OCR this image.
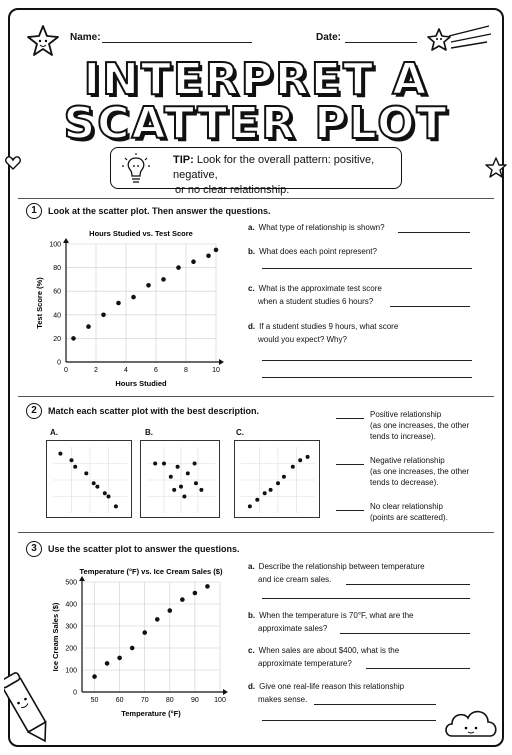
Name:	Date:
INTERPRET A
SCATTER PLOT
TIP: Look for the overall pattern: positive, negative,
or no clear relationship.
1	Look at the scatter plot. Then answer the questions.
Hours Studied vs. Test Score
0	2	4	6	8	10
0
20
40
60
80
100
Hours Studied
Test Score (%)
a. What type of relationship is shown?
b. What does each point represent?
c. What is the approximate test score
when a student studies 6 hours?
d. If a student studies 9 hours, what score
would you expect? Why?
2	Match each scatter plot with the best description.
A.	B.	C.
Positive relationship
(as one increases, the other
tends to increase).
Negative relationship
(as one increases, the other
tends to decrease).
No clear relationship
(points are scattered).
3	Use the scatter plot to answer the questions.
Temperature (°F) vs. Ice Cream Sales ($)
50 60 70 80 90 100
0
100
200
300
400
500
Temperature (°F)
Ice Cream Sales ($)
a. Describe the relationship between temperature
and ice cream sales.
b. When the temperature is 70°F, what are the
approximate sales?
c. When sales are about $400, what is the
approximate temperature?
d. Give one real-life reason this relationship
makes sense.
